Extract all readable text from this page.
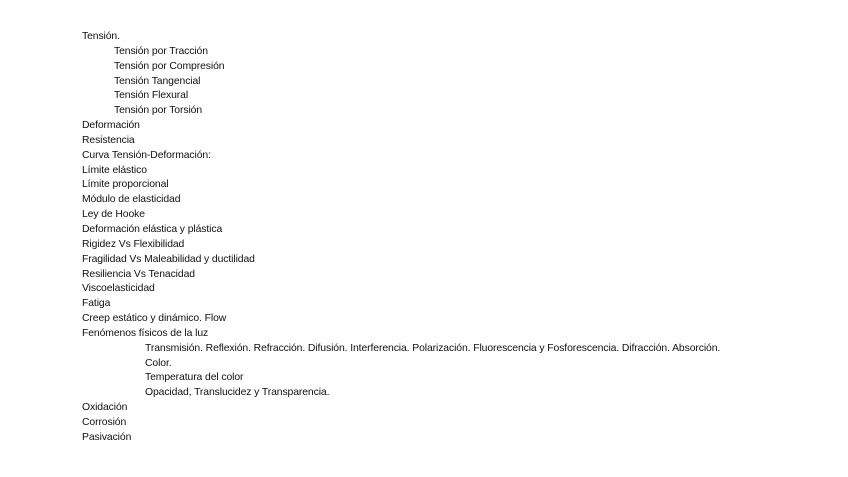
Tensión.
Tensión por Tracción
Tensión por Compresión
Tensión Tangencial
Tensión Flexural
Tensión por Torsión
Deformación
Resistencia
Curva Tensión-Deformación:
Límite elástico
Límite proporcional
Módulo de elasticidad
Ley de Hooke
Deformación elástica y plástica
Rigidez Vs Flexibilidad
Fragilidad Vs Maleabilidad y ductilidad
Resiliencia Vs Tenacidad
Viscoelasticidad
Fatiga
Creep estático y dinámico. Flow
Fenómenos físicos de la luz
Transmisión. Reflexión. Refracción. Difusión. Interferencia. Polarización. Fluorescencia y Fosforescencia. Difracción. Absorción.
Color.
Temperatura del color
Opacidad, Translucidez y Transparencia.
Oxidación
Corrosión
Pasivación
